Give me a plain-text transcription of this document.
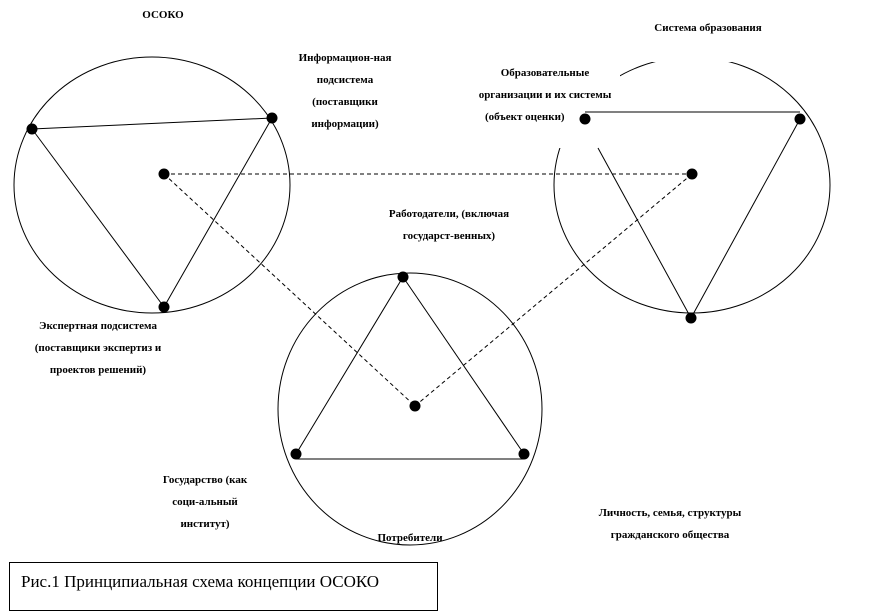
ОСОКО
Система образования
Информацион-ная
подсистема
(поставщики
информации)
Образовательные
организации и их системы
(объект оценки)
Работодатели, (включая
государст-венных)
Экспертная подсистема
(поставщики экспертиз и
проектов решений)
Государство (как
соци-альный
институт)
Потребители
Личность, семья, структуры
гражданского общества
Рис.1 Принципиальная схема концепции ОСОКО
